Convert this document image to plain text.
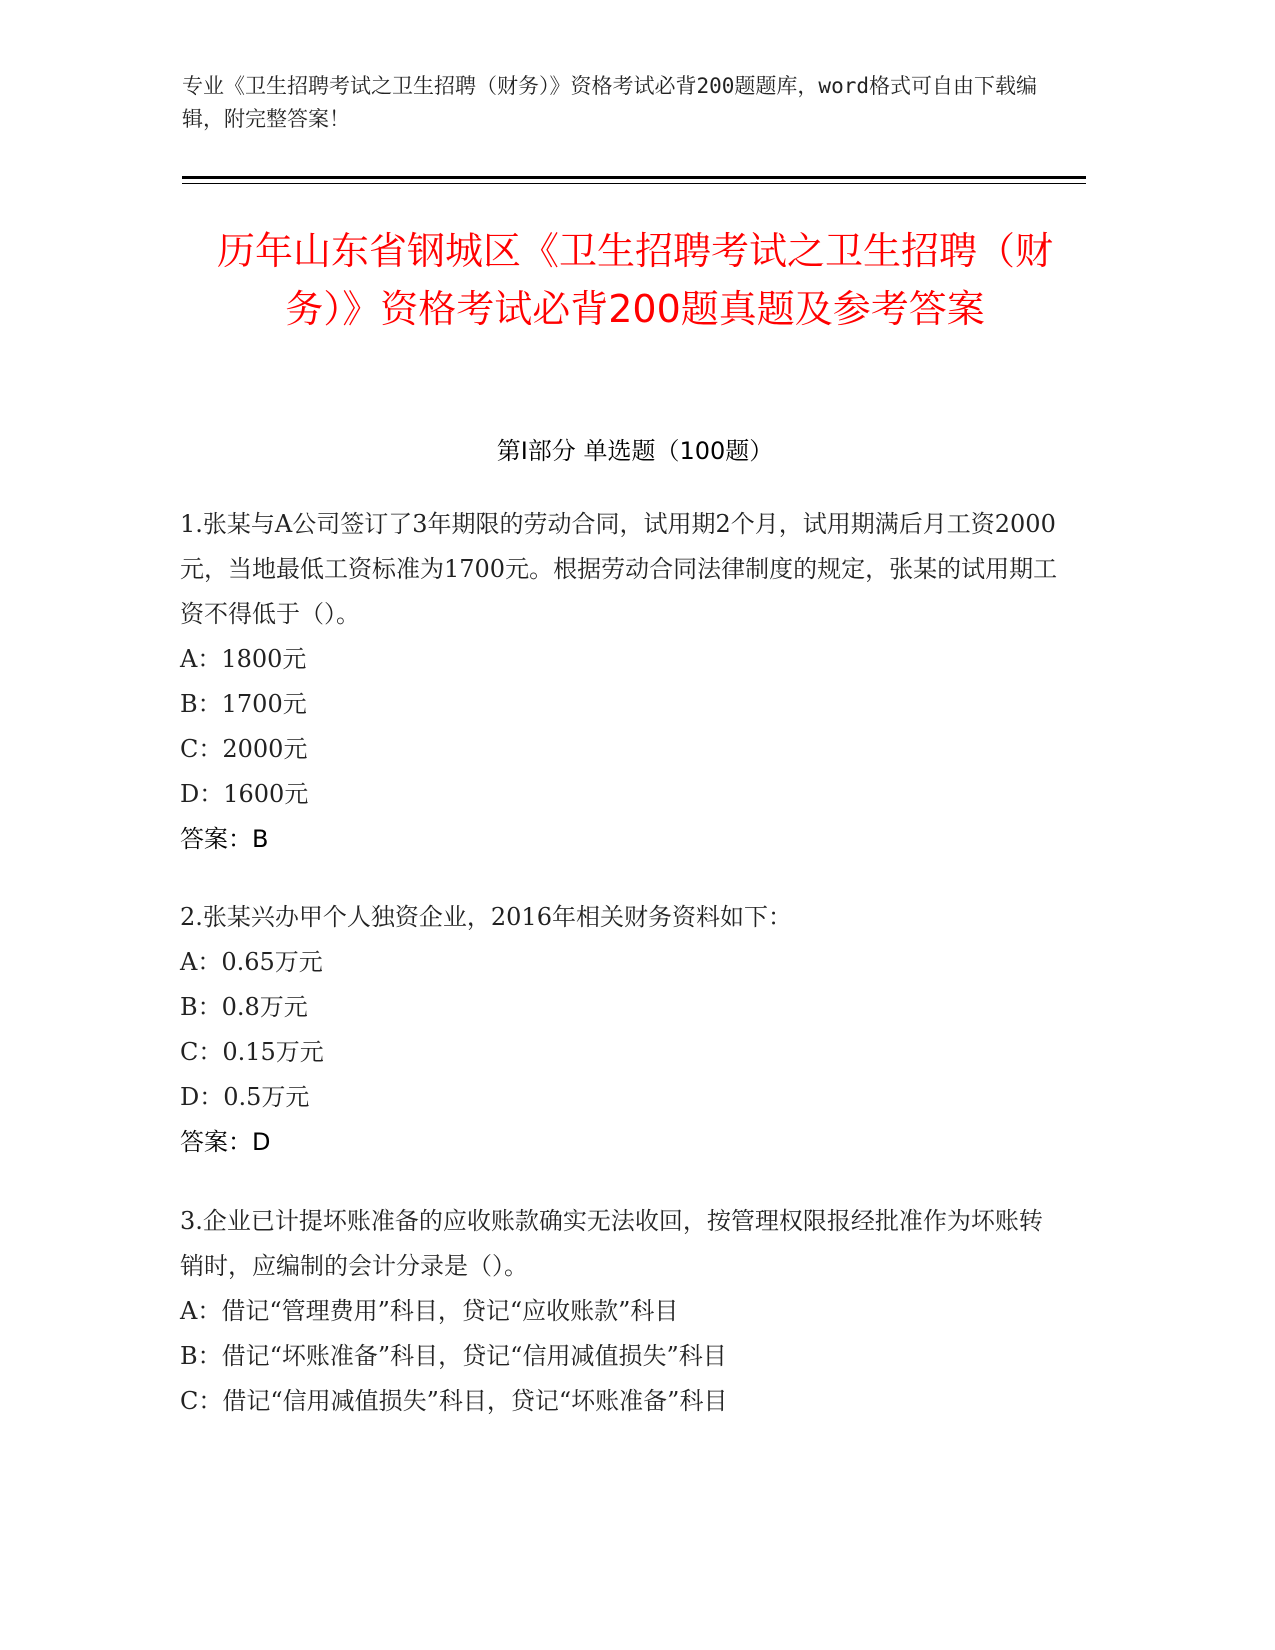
专业《卫生招聘考试之卫生招聘（财务）》资格考试必背200题题库，word格式可自由下载编辑，附完整答案！
历年山东省钢城区《卫生招聘考试之卫生招聘（财务）》资格考试必背200题真题及参考答案
第Ⅰ部分 单选题（100题）

1.张某与A公司签订了3年期限的劳动合同，试用期2个月，试用期满后月工资2000元，当地最低工资标准为1700元。根据劳动合同法律制度的规定，张某的试用期工资不得低于（）。

A：1800元

B：1700元

C：2000元

D：1600元

答案：B

2.张某兴办甲个人独资企业，2016年相关财务资料如下：

A：0.65万元

B：0.8万元

C：0.15万元

D：0.5万元

答案：D

3.企业已计提坏账准备的应收账款确实无法收回，按管理权限报经批准作为坏账转销时，应编制的会计分录是（）。

A：借记“管理费用”科目，贷记“应收账款”科目

B：借记“坏账准备”科目，贷记“信用减值损失”科目

C：借记“信用减值损失”科目，贷记“坏账准备”科目
